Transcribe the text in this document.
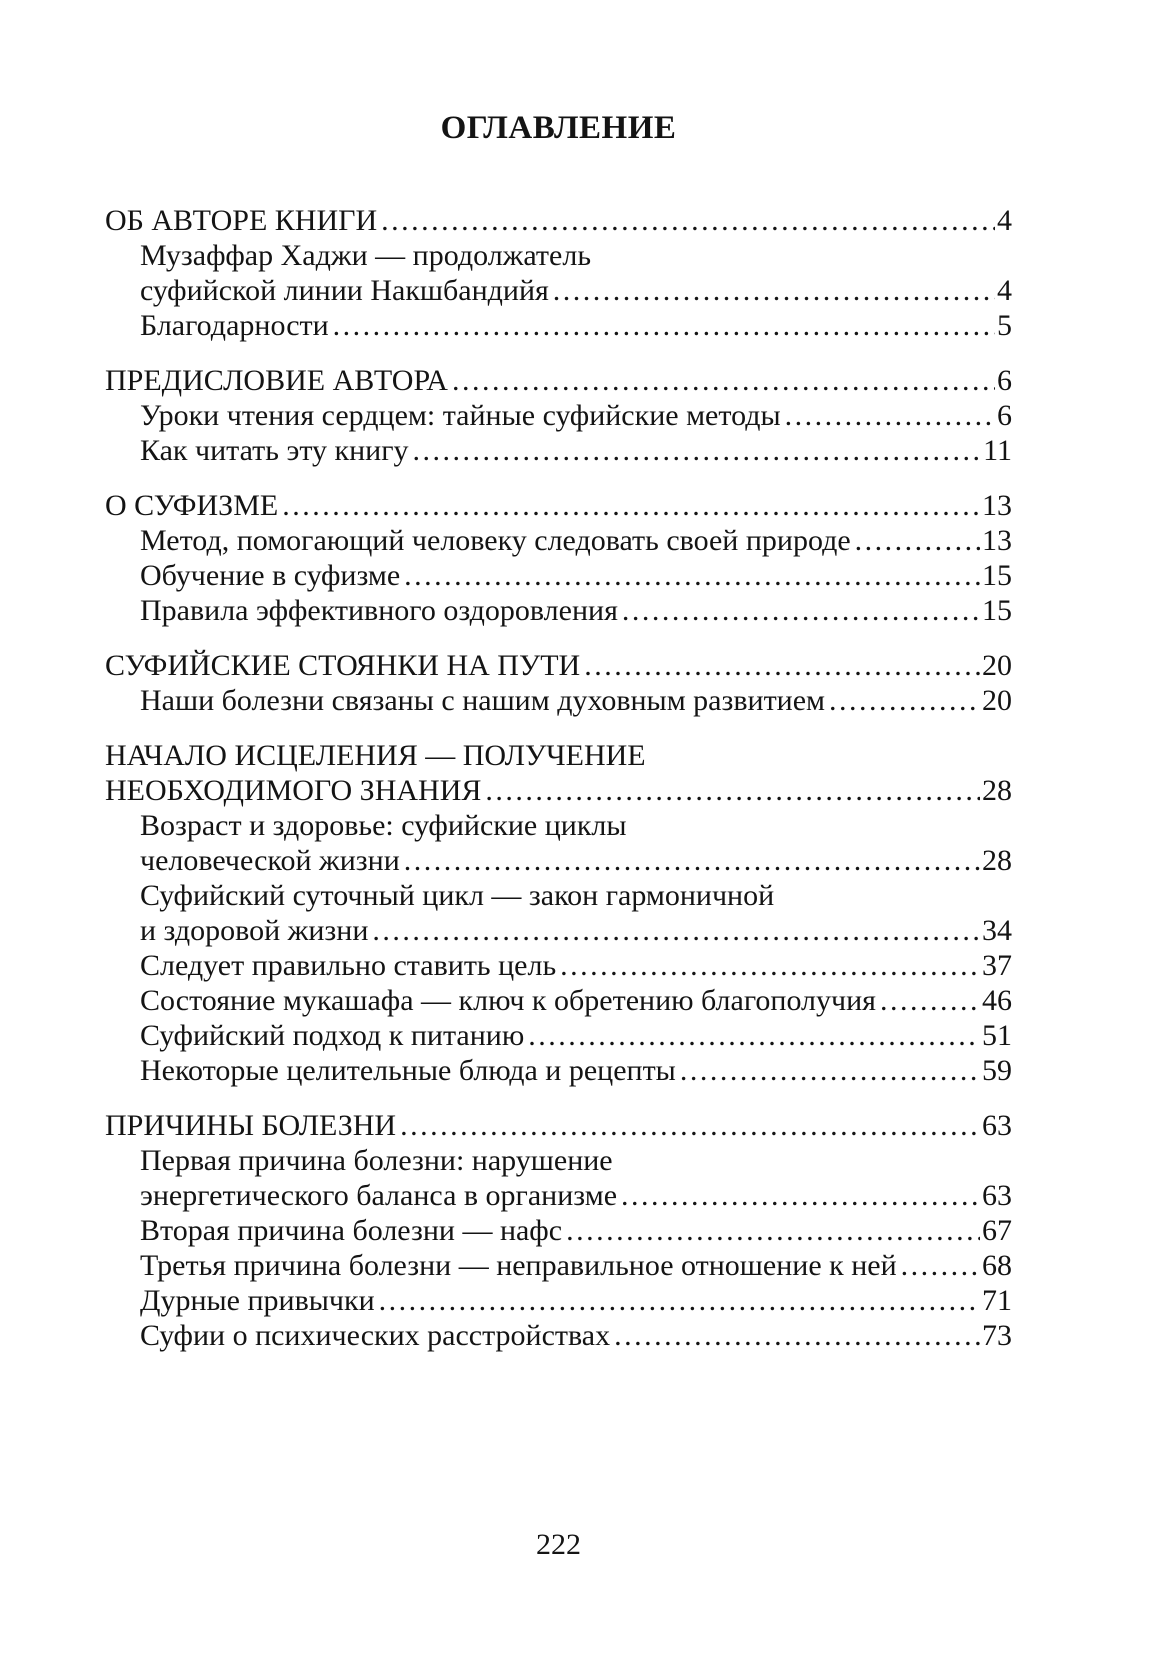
ОГЛАВЛЕНИЕ
ОБ АВТОРЕ КНИГИ .....	4
Музаффар Хаджи — продолжатель
суфийской линии Накшбандийя .....	4
Благодарности .....	5
ПРЕДИСЛОВИЕ АВТОРА .....	6
Уроки чтения сердцем: тайные суфийские методы .....	6
Как читать эту книгу .....	11
О СУФИЗМЕ .....	13
Метод, помогающий человеку следовать своей природе .....	13
Обучение в суфизме .....	15
Правила эффективного оздоровления .....	15
СУФИЙСКИЕ СТОЯНКИ НА ПУТИ .....	20
Наши болезни связаны с нашим духовным развитием .....	20
НАЧАЛО ИСЦЕЛЕНИЯ — ПОЛУЧЕНИЕ
НЕОБХОДИМОГО ЗНАНИЯ .....	28
Возраст и здоровье: суфийские циклы
человеческой жизни .....	28
Суфийский суточный цикл — закон гармоничной
и здоровой жизни .....	34
Следует правильно ставить цель .....	37
Состояние мукашафа — ключ к обретению благополучия .....	46
Суфийский подход к питанию .....	51
Некоторые целительные блюда и рецепты .....	59
ПРИЧИНЫ БОЛЕЗНИ .....	63
Первая причина болезни: нарушение
энергетического баланса в организме .....	63
Вторая причина болезни — нафс .....	67
Третья причина болезни — неправильное отношение к ней .....	68
Дурные привычки .....	71
Суфии о психических расстройствах .....	73
222
